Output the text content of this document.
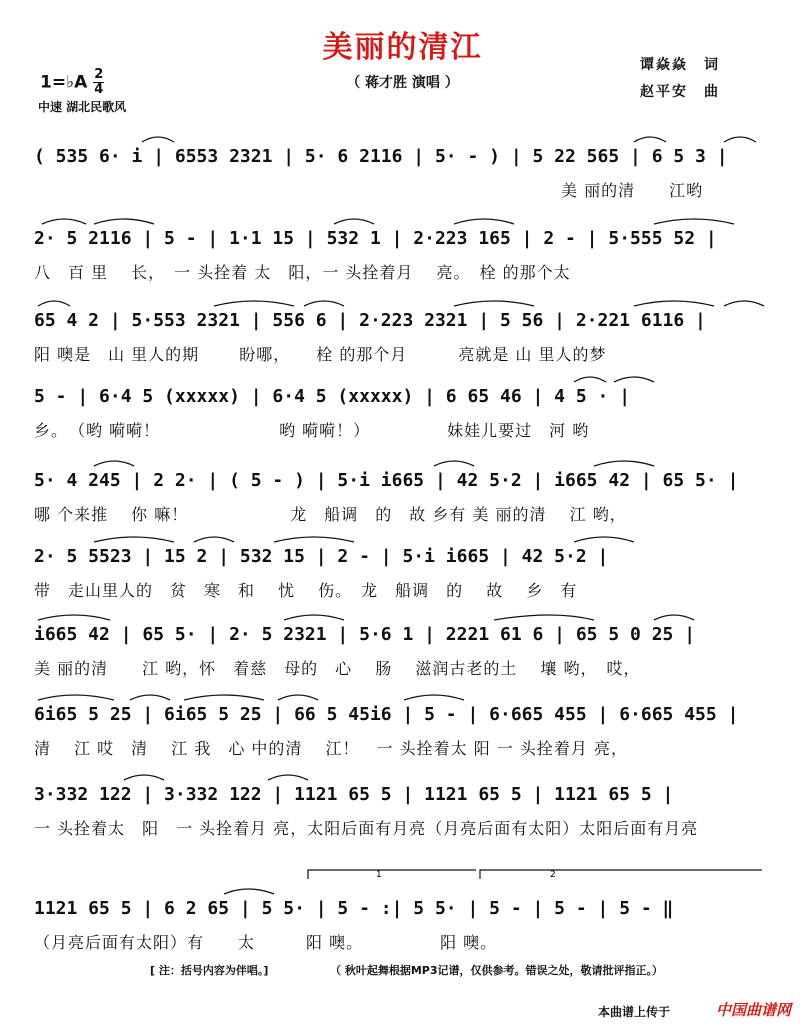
美丽的清江
（ 蒋才胜 演唱 ）
1=♭A $\frac{2}{4}$
中速 湖北民歌风
谭焱焱　词
赵平安　曲
( 535 6· i | 6553 2321 | 5· 6 2116 | 5· - ) | 5 22 565 | 6 5 3 |
　　　　　　　　　　　　　　　　　　　　　　　　　　　　　　　美 丽的清　　江哟
2· 5 2116 | 5 - | 1·1 15 | 532 1 | 2·223 165 | 2 - | 5·555 52 |
八　百 里　 长，　一 头拴着 太　阳，一 头拴着月　 亮。　栓 的那个太
65 4 2 | 5·553 2321 | 556 6 | 2·223 2321 | 5 56 | 2·221 6116 |
阳 噢是　山 里人的期　　 盼哪，　　栓 的那个月　　　亮就是 山 里人的梦
5 - | 6·4 5 (xxxxx) | 6·4 5 (xxxxx) | 6 65 46 | 4 5 · |
乡。　（哟 嗬嗬！　　　　　　　哟 嗬嗬！）　　　　　妹娃儿要过　河 哟
5· 4 245 | 2 2· | ( 5 - ) | 5·i i665 | 42 5·2 | i665 42 | 65 5· |
哪 个来推　 你 嘛！　　　　　　龙　船调　的　故 乡有 美 丽的清　 江 哟，
2· 5 5523 | 15 2 | 532 15 | 2 - | 5·i i665 | 42 5·2 |
带　走山里人的　贫　寒　和　 忧　 伤。　龙　船调　的　 故　 乡　有
i665 42 | 65 5· | 2· 5 2321 | 5·6 1 | 2221 61 6 | 65 5 0 25 |
美 丽的清　　江 哟，怀　着慈　母的　心　 肠　 滋润古老的土　 壤 哟，　哎，
6i65 5 25 | 6i65 5 25 | 66 5 45i6 | 5 - | 6·665 455 | 6·665 455 |
清　 江 哎　清　 江 我　心 中的清　 江！　一 头拴着太 阳 一 头拴着月 亮，
3·332 122 | 3·332 122 | 1121 65 5 | 1121 65 5 | 1121 65 5 |
一 头拴着太　阳　一 头拴着月 亮，太阳后面有月亮（月亮后面有太阳）太阳后面有月亮
1	2
1121 65 5 | 6 2 65 | 5 5· | 5 - :| 5 5· | 5 - | 5 - | 5 - ‖
（月亮后面有太阳）有　　太　　　阳 噢。　　　　　阳 噢。
[ 注：括号内容为伴唱。]	（ 秋叶起舞根据MP3记谱，仅供参考。错误之处，敬请批评指正。）
本曲谱上传于	中国曲谱网
